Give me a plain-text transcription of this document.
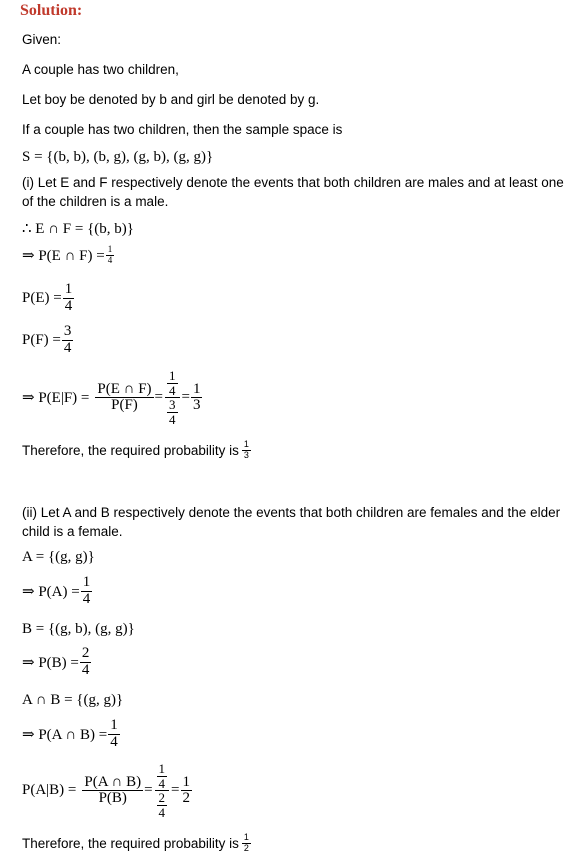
Solution:
Given:
A couple has two children,
Let boy be denoted by b and girl be denoted by g.
If a couple has two children, then the sample space is
S = {(b, b), (b, g), (g, b), (g, g)}
(i) Let E and F respectively denote the events that both children are males and at least one of the children is a male.
∴ E ∩ F = {(b, b)}
⇒ P(E ∩ $F) = \frac{1}{4}$
$P(E) = \frac{1}{4}$
$P(F) = \frac{3}{4}$
⇒ $P(E|F) = \frac{P(E \cap F)}{P(F)} = \frac{\frac{1}{4}}{\frac{3}{4}} = \frac{1}{3}$
Therefore, the required probability is $\frac{1}{3}$
(ii) Let A and B respectively denote the events that both children are females and the elder child is a female.
A = {(g, g)}
⇒ $P(A) = \frac{1}{4}$
B = {(g, b), (g, g)}
⇒ $P(B) = \frac{2}{4}$
A ∩ B = {(g, g)}
⇒ P(A ∩ $B) = \frac{1}{4}$
$P(A|B) = \frac{P(A \cap B)}{P(B)} = \frac{\frac{1}{4}}{\frac{2}{4}} = \frac{1}{2}$
Therefore, the required probability is $\frac{1}{2}$
